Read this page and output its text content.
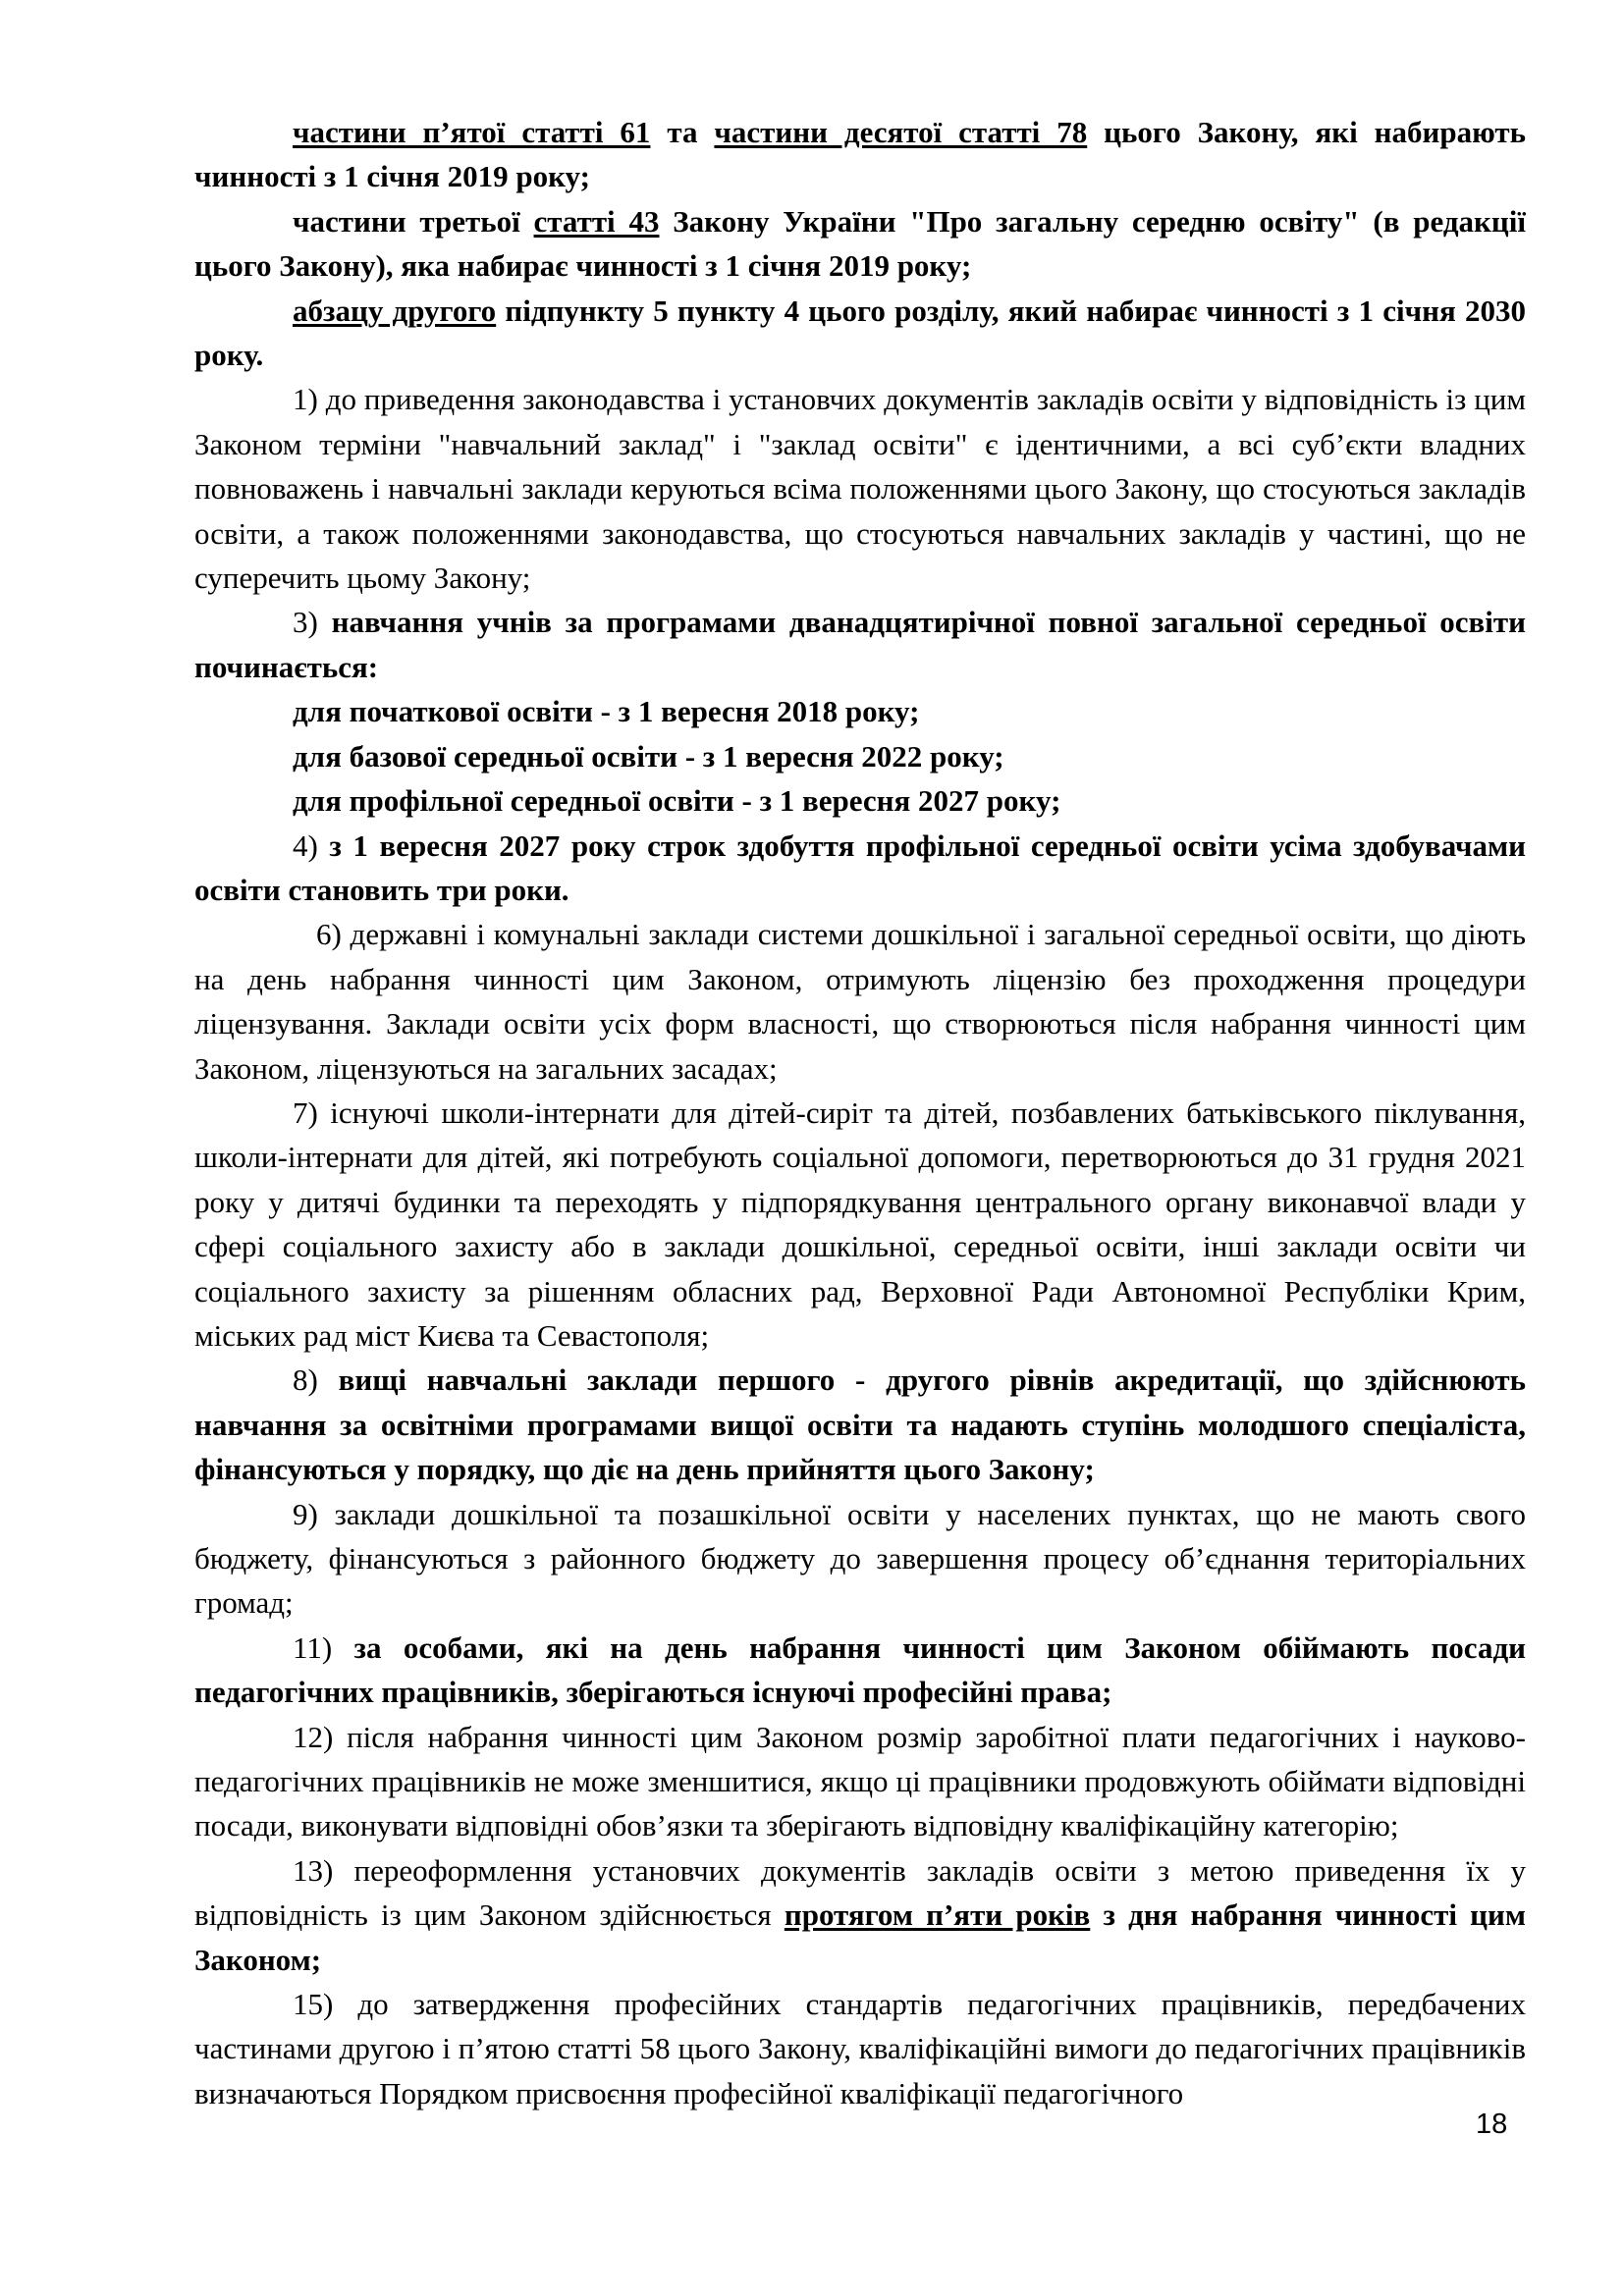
частини п’ятої статті 61 та частини десятої статті 78 цього Закону, які набирають чинності з 1 січня 2019 року;

частини третьої статті 43 Закону України "Про загальну середню освіту" (в редакції цього Закону), яка набирає чинності з 1 січня 2019 року;

абзацу другого підпункту 5 пункту 4 цього розділу, який набирає чинності з 1 січня 2030 року.

1) до приведення законодавства і установчих документів закладів освіти у відповідність із цим Законом терміни "навчальний заклад" і "заклад освіти" є ідентичними, а всі суб’єкти владних повноважень і навчальні заклади керуються всіма положеннями цього Закону, що стосуються закладів освіти, а також положеннями законодавства, що стосуються навчальних закладів у частині, що не суперечить цьому Закону;

3) навчання учнів за програмами дванадцятирічної повної загальної середньої освіти починається:

для початкової освіти - з 1 вересня 2018 року;

для базової середньої освіти - з 1 вересня 2022 року;

для профільної середньої освіти - з 1 вересня 2027 року;

4) з 1 вересня 2027 року строк здобуття профільної середньої освіти усіма здобувачами освіти становить три роки.

6) державні і комунальні заклади системи дошкільної і загальної середньої освіти, що діють на день набрання чинності цим Законом, отримують ліцензію без проходження процедури ліцензування. Заклади освіти усіх форм власності, що створюються після набрання чинності цим Законом, ліцензуються на загальних засадах;

7) існуючі школи-інтернати для дітей-сиріт та дітей, позбавлених батьківського піклування, школи-інтернати для дітей, які потребують соціальної допомоги, перетворюються до 31 грудня 2021 року у дитячі будинки та переходять у підпорядкування центрального органу виконавчої влади у сфері соціального захисту або в заклади дошкільної, середньої освіти, інші заклади освіти чи соціального захисту за рішенням обласних рад, Верховної Ради Автономної Республіки Крим, міських рад міст Києва та Севастополя;

8) вищі навчальні заклади першого - другого рівнів акредитації, що здійснюють навчання за освітніми програмами вищої освіти та надають ступінь молодшого спеціаліста, фінансуються у порядку, що діє на день прийняття цього Закону;

9) заклади дошкільної та позашкільної освіти у населених пунктах, що не мають свого бюджету, фінансуються з районного бюджету до завершення процесу об’єднання територіальних громад;

11) за особами, які на день набрання чинності цим Законом обіймають посади педагогічних працівників, зберігаються існуючі професійні права;

12) після набрання чинності цим Законом розмір заробітної плати педагогічних і науково-педагогічних працівників не може зменшитися, якщо ці працівники продовжують обіймати відповідні посади, виконувати відповідні обов’язки та зберігають відповідну кваліфікаційну категорію;

13) переоформлення установчих документів закладів освіти з метою приведення їх у відповідність із цим Законом здійснюється протягом п’яти років з дня набрання чинності цим Законом;

15) до затвердження професійних стандартів педагогічних працівників, передбачених частинами другою і п’ятою статті 58 цього Закону, кваліфікаційні вимоги до педагогічних працівників визначаються Порядком присвоєння професійної кваліфікації педагогічного

18
